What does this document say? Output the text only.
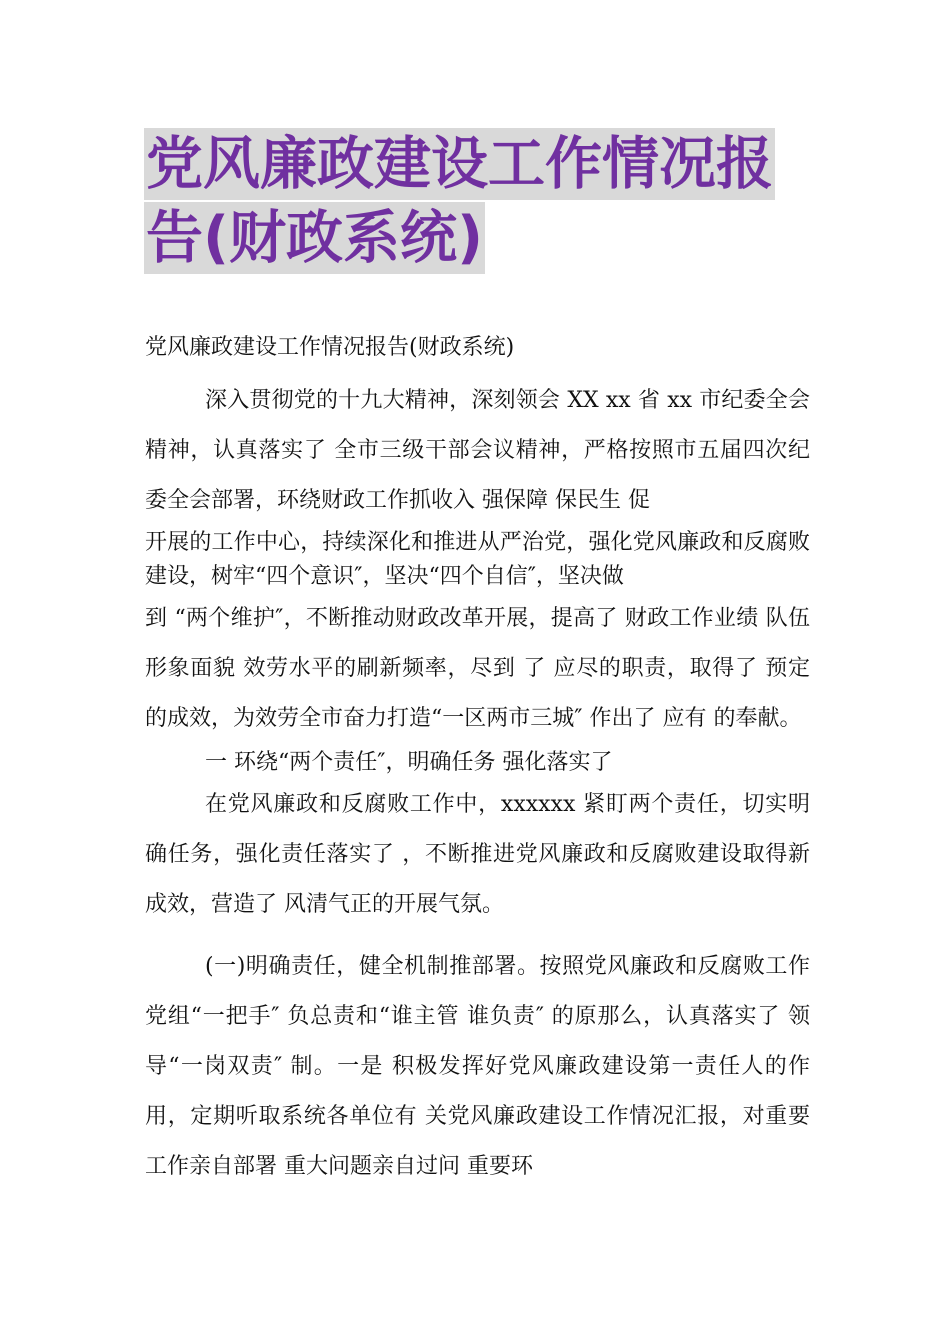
党风廉政建设工作情况报
告(财政系统)

党风廉政建设工作情况报告(财政系统)

深入贯彻党的十九大精神，深刻领会 XX xx 省 xx 市纪委全会精神，认真落实了 全市三级干部会议精神，严格按照市五届四次纪委全会部署，环绕财政工作抓收入 强保障 保民生 促

开展的工作中心，持续深化和推进从严治党，强化党风廉政和反腐败建设，树牢“四个意识″，坚决“四个自信″，坚决做

到 “两个维护″，不断推动财政改革开展，提高了 财政工作业绩 队伍形象面貌 效劳水平的刷新频率，尽到 了 应尽的职责，取得了 预定的成效，为效劳全市奋力打造“一区两市三城″ 作出了 应有 的奉献。

一 环绕“两个责任″，明确任务 强化落实了

在党风廉政和反腐败工作中，xxxxxx 紧盯两个责任，切实明确任务，强化责任落实了 ，不断推进党风廉政和反腐败建设取得新成效，营造了 风清气正的开展气氛。

(一)明确责任，健全机制推部署。按照党风廉政和反腐败工作党组“一把手″ 负总责和“谁主管 谁负责″ 的原那么，认真落实了 领导“一岗双责″ 制。一是 积极发挥好党风廉政建设第一责任人的作用，定期听取系统各单位有 关党风廉政建设工作情况汇报，对重要工作亲自部署 重大问题亲自过问 重要环
